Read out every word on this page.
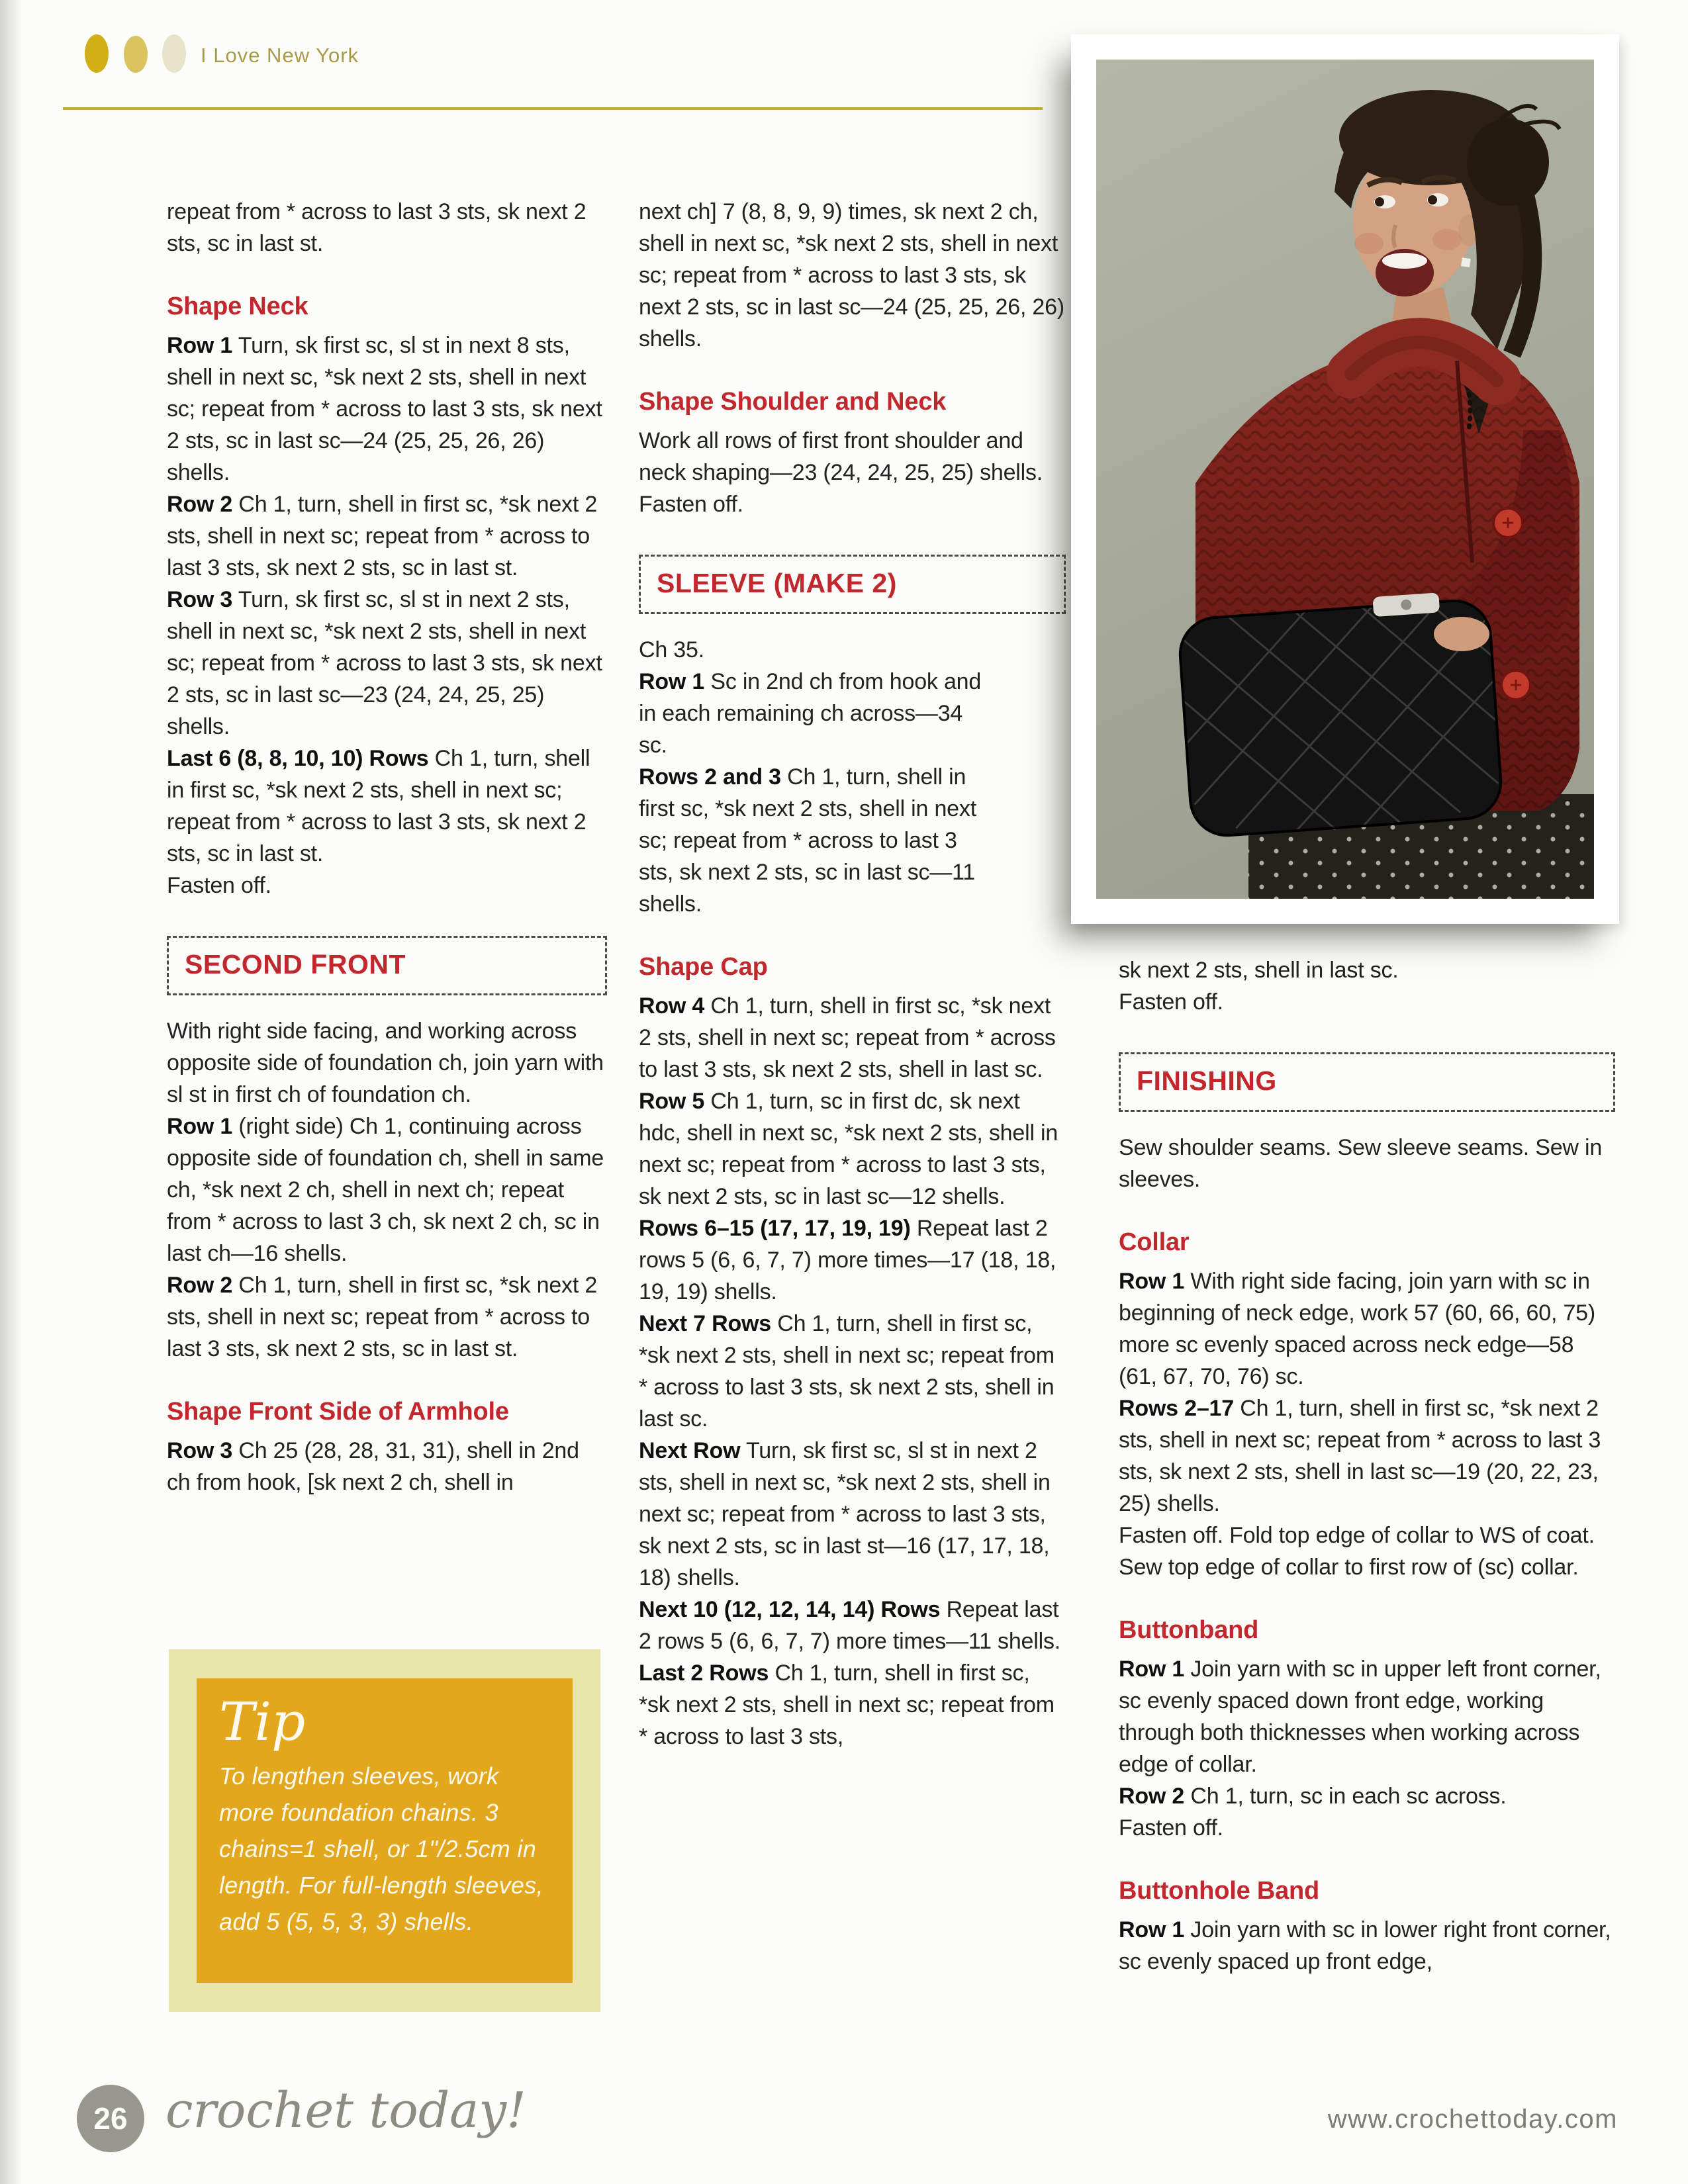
I Love New York

repeat from * across to last 3 sts, sk next 2 sts, sc in last st.

Shape Neck

Row 1 Turn, sk first sc, sl st in next 8 sts, shell in next sc, *sk next 2 sts, shell in next sc; repeat from * across to last 3 sts, sk next 2 sts, sc in last sc—24 (25, 25, 26, 26) shells.

Row 2 Ch 1, turn, shell in first sc, *sk next 2 sts, shell in next sc; repeat from * across to last 3 sts, sk next 2 sts, sc in last st.

Row 3 Turn, sk first sc, sl st in next 2 sts, shell in next sc, *sk next 2 sts, shell in next sc; repeat from * across to last 3 sts, sk next 2 sts, sc in last sc—23 (24, 24, 25, 25) shells.

Last 6 (8, 8, 10, 10) Rows Ch 1, turn, shell in first sc, *sk next 2 sts, shell in next sc; repeat from * across to last 3 sts, sk next 2 sts, sc in last st.

Fasten off.

SECOND FRONT

With right side facing, and working across opposite side of foundation ch, join yarn with sl st in first ch of foundation ch.

Row 1 (right side) Ch 1, continuing across opposite side of foundation ch, shell in same ch, *sk next 2 ch, shell in next ch; repeat from * across to last 3 ch, sk next 2 ch, sc in last ch—16 shells.

Row 2 Ch 1, turn, shell in first sc, *sk next 2 sts, shell in next sc; repeat from * across to last 3 sts, sk next 2 sts, sc in last st.

Shape Front Side of Armhole

Row 3 Ch 25 (28, 28, 31, 31), shell in 2nd ch from hook, [sk next 2 ch, shell in

next ch] 7 (8, 8, 9, 9) times, sk next 2 ch, shell in next sc, *sk next 2 sts, shell in next sc; repeat from * across to last 3 sts, sk next 2 sts, sc in last sc—24 (25, 25, 26, 26) shells.

Shape Shoulder and Neck

Work all rows of first front shoulder and neck shaping—23 (24, 24, 25, 25) shells.

Fasten off.

SLEEVE (MAKE 2)

Ch 35.

Row 1 Sc in 2nd ch from hook and in each remaining ch across—34 sc.

Rows 2 and 3 Ch 1, turn, shell in first sc, *sk next 2 sts, shell in next sc; repeat from * across to last 3 sts, sk next 2 sts, sc in last sc—11 shells.

Shape Cap

Row 4 Ch 1, turn, shell in first sc, *sk next 2 sts, shell in next sc; repeat from * across to last 3 sts, sk next 2 sts, shell in last sc.

Row 5 Ch 1, turn, sc in first dc, sk next hdc, shell in next sc, *sk next 2 sts, shell in next sc; repeat from * across to last 3 sts, sk next 2 sts, sc in last sc—12 shells.

Rows 6–15 (17, 17, 19, 19) Repeat last 2 rows 5 (6, 6, 7, 7) more times—17 (18, 18, 19, 19) shells.

Next 7 Rows Ch 1, turn, shell in first sc, *sk next 2 sts, shell in next sc; repeat from * across to last 3 sts, sk next 2 sts, shell in last sc.

Next Row Turn, sk first sc, sl st in next 2 sts, shell in next sc, *sk next 2 sts, shell in next sc; repeat from * across to last 3 sts, sk next 2 sts, sc in last st—16 (17, 17, 18, 18) shells.

Next 10 (12, 12, 14, 14) Rows Repeat last 2 rows 5 (6, 6, 7, 7) more times—11 shells.

Last 2 Rows Ch 1, turn, shell in first sc, *sk next 2 sts, shell in next sc; repeat from * across to last 3 sts,

sk next 2 sts, shell in last sc.

Fasten off.

FINISHING

Sew shoulder seams. Sew sleeve seams. Sew in sleeves.

Collar

Row 1 With right side facing, join yarn with sc in beginning of neck edge, work 57 (60, 66, 60, 75) more sc evenly spaced across neck edge—58 (61, 67, 70, 76) sc.

Rows 2–17 Ch 1, turn, shell in first sc, *sk next 2 sts, shell in next sc; repeat from * across to last 3 sts, sk next 2 sts, shell in last sc—19 (20, 22, 23, 25) shells.

Fasten off. Fold top edge of collar to WS of coat. Sew top edge of collar to first row of (sc) collar.

Buttonband

Row 1 Join yarn with sc in upper left front corner, sc evenly spaced down front edge, working through both thicknesses when working across edge of collar.

Row 2 Ch 1, turn, sc in each sc across.

Fasten off.

Buttonhole Band

Row 1 Join yarn with sc in lower right front corner, sc evenly spaced up front edge,

Tip
To lengthen sleeves, work more foundation chains. 3 chains=1 shell, or 1"/2.5cm in length. For full-length sleeves, add 5 (5, 5, 3, 3) shells.
26 crochet today!	www.crochettoday.com
